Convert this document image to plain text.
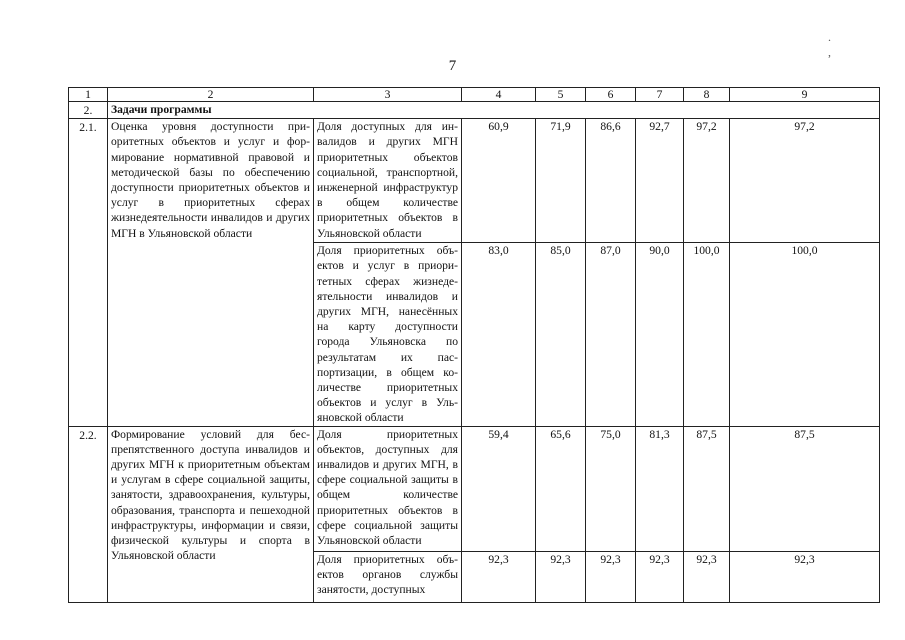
7
. ,
1	2	3	4	5	6	7	8	9
2.	Задачи программы							
2.1.	Оценка уровня доступности приоритетных объектов и услуг и формирование нормативной правовой и методической базы по обеспечению доступности приоритетных объектов и услуг в приоритетных сферах жизнедеятельности инвалидов и других МГН в Ульяновской области	Доля доступных для инвалидов и других МГН приоритетных объектов социальной, транспортной, инженерной инфраструктур в общем количестве приоритетных объектов в Ульяновской области	60,9	71,9	86,6	92,7	97,2	97,2
		Доля приоритетных объектов и услуг в приоритетных сферах жизнедеятельности инвалидов и других МГН, нанесённых на карту доступности города Ульяновска по результатам их паспортизации, в общем количестве приоритетных объектов и услуг в Ульяновской области	83,0	85,0	87,0	90,0	100,0	100,0
2.2.	Формирование условий для беспрепятственного доступа инвалидов и других МГН к приоритетным объектам и услугам в сфере социальной защиты, занятости, здравоохранения, культуры, образования, транспорта и пешеходной инфраструктуры, информации и связи, физической культуры и спорта в Ульяновской области	Доля приоритетных объектов, доступных для инвалидов и других МГН, в сфере социальной защиты в общем количестве приоритетных объектов в сфере социальной защиты Ульяновской области	59,4	65,6	75,0	81,3	87,5	87,5
		Доля приоритетных объектов органов службы занятости, доступных	92,3	92,3	92,3	92,3	92,3	92,3
